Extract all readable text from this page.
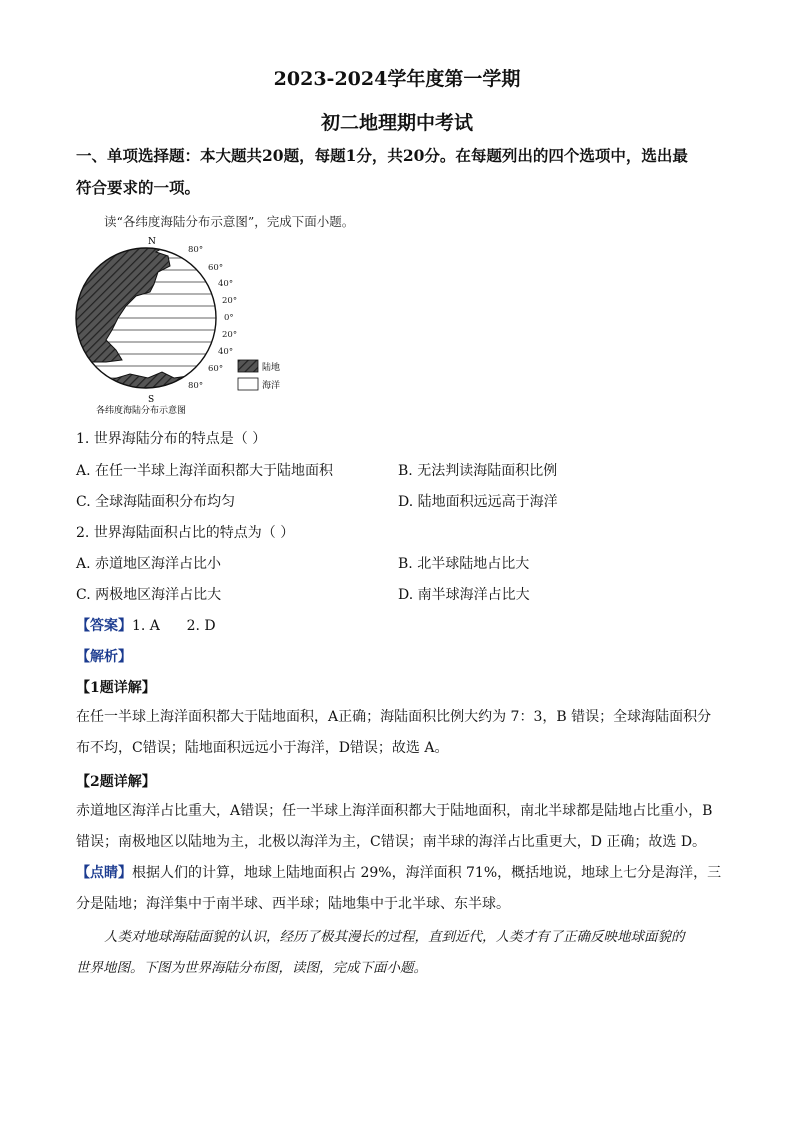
2023-2024学年度第一学期
初二地理期中考试
一、单项选择题：本大题共20题，每题1分，共20分。在每题列出的四个选项中，选出最
符合要求的一项。
读“各纬度海陆分布示意图”，完成下面小题。
N
S
80°
60°
40°
20°
0°
20°
40°
60°
80°
陆地
海洋
各纬度海陆分布示意图
1. 世界海陆分布的特点是（ ）
A. 在任一半球上海洋面积都大于陆地面积	B. 无法判读海陆面积比例
C. 全球海陆面积分布均匀	D. 陆地面积远远高于海洋
2. 世界海陆面积占比的特点为（ ）
A. 赤道地区海洋占比小	B. 北半球陆地占比大
C. 两极地区海洋占比大	D. 南半球海洋占比大
【答案】1. A      2. D
【解析】
【1题详解】
在任一半球上海洋面积都大于陆地面积，A正确；海陆面积比例大约为 7：3，B 错误；全球海陆面积分
布不均，C错误；陆地面积远远小于海洋，D错误；故选 A。
【2题详解】
赤道地区海洋占比重大，A错误；任一半球上海洋面积都大于陆地面积，南北半球都是陆地占比重小，B
错误；南极地区以陆地为主，北极以海洋为主，C错误；南半球的海洋占比重更大，D 正确；故选 D。
【点睛】根据人们的计算，地球上陆地面积占 29%，海洋面积 71%，概括地说，地球上七分是海洋，三
分是陆地；海洋集中于南半球、西半球；陆地集中于北半球、东半球。
人类对地球海陆面貌的认识，经历了极其漫长的过程，直到近代，人类才有了正确反映地球面貌的
世界地图。下图为世界海陆分布图，读图，完成下面小题。
